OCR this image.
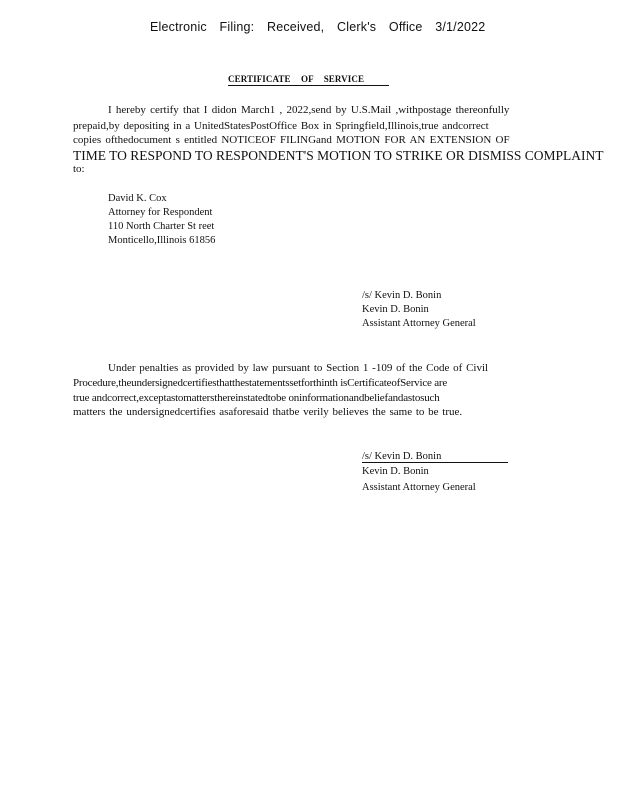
Electronic Filing: Received, Clerk's Office 3/1/2022
CERTIFICATE OF SERVICE
I hereby certify that I didon March1 , 2022,send by U.S.Mail ,withpostage thereonfully
prepaid,by depositing in a UnitedStatesPostOffice Box in Springfield,Illinois,true andcorrect
copies ofthedocument s entitled NOTICEOF FILINGand MOTION FOR AN EXTENSION OF
TIME TO RESPOND TO RESPONDENT'S MOTION TO STRIKE OR DISMISS COMPLAINT
to:
David K. Cox
Attorney for Respondent
110 North Charter St reet
Monticello,Illinois 61856
/s/ Kevin D. Bonin
Kevin D. Bonin
Assistant Attorney General
Under penalties as provided by law pursuant to Section 1 -109 of the Code of Civil
Procedure,theundersignedcertifiesthatthestatementssetforthinth isCertificateofService are
true andcorrect,exceptastomattersthereinstatedtobe oninformationandbeliefandastosuch
matters the undersignedcertifies asaforesaid thatbe verily believes the same to be true.
/s/ Kevin D. Bonin
Kevin D. Bonin
Assistant Attorney General
